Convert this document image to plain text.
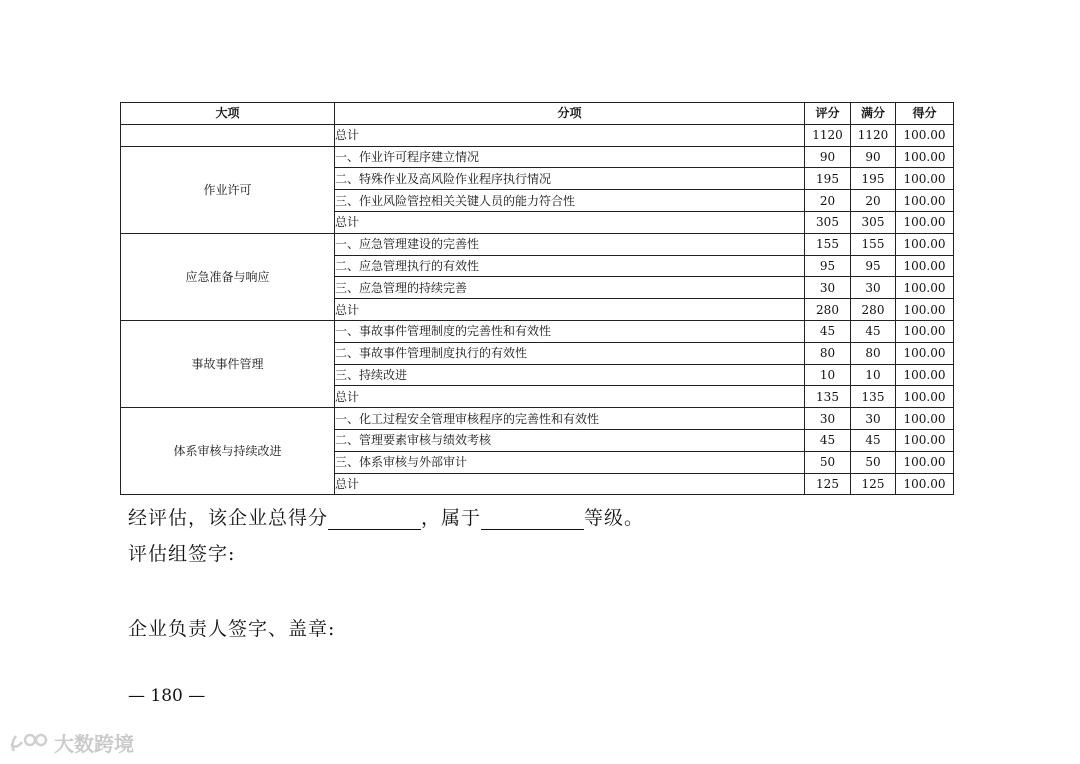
大项	分项	评分	满分	得分
	总计	1120	1120	100.00
作业许可	一、作业许可程序建立情况	90	90	100.00
	二、特殊作业及高风险作业程序执行情况	195	195	100.00
	三、作业风险管控相关关键人员的能力符合性	20	20	100.00
	总计	305	305	100.00
应急准备与响应	一、应急管理建设的完善性	155	155	100.00
	二、应急管理执行的有效性	95	95	100.00
	三、应急管理的持续完善	30	30	100.00
	总计	280	280	100.00
事故事件管理	一、事故事件管理制度的完善性和有效性	45	45	100.00
	二、事故事件管理制度执行的有效性	80	80	100.00
	三、持续改进	10	10	100.00
	总计	135	135	100.00
体系审核与持续改进	一、化工过程安全管理审核程序的完善性和有效性	30	30	100.00
	二、管理要素审核与绩效考核	45	45	100.00
	三、体系审核与外部审计	50	50	100.00
	总计	125	125	100.00
经评估，该企业总得分	，属于	等级。
评估组签字:
企业负责人签字、盖章:
— 180 —
大数跨境
